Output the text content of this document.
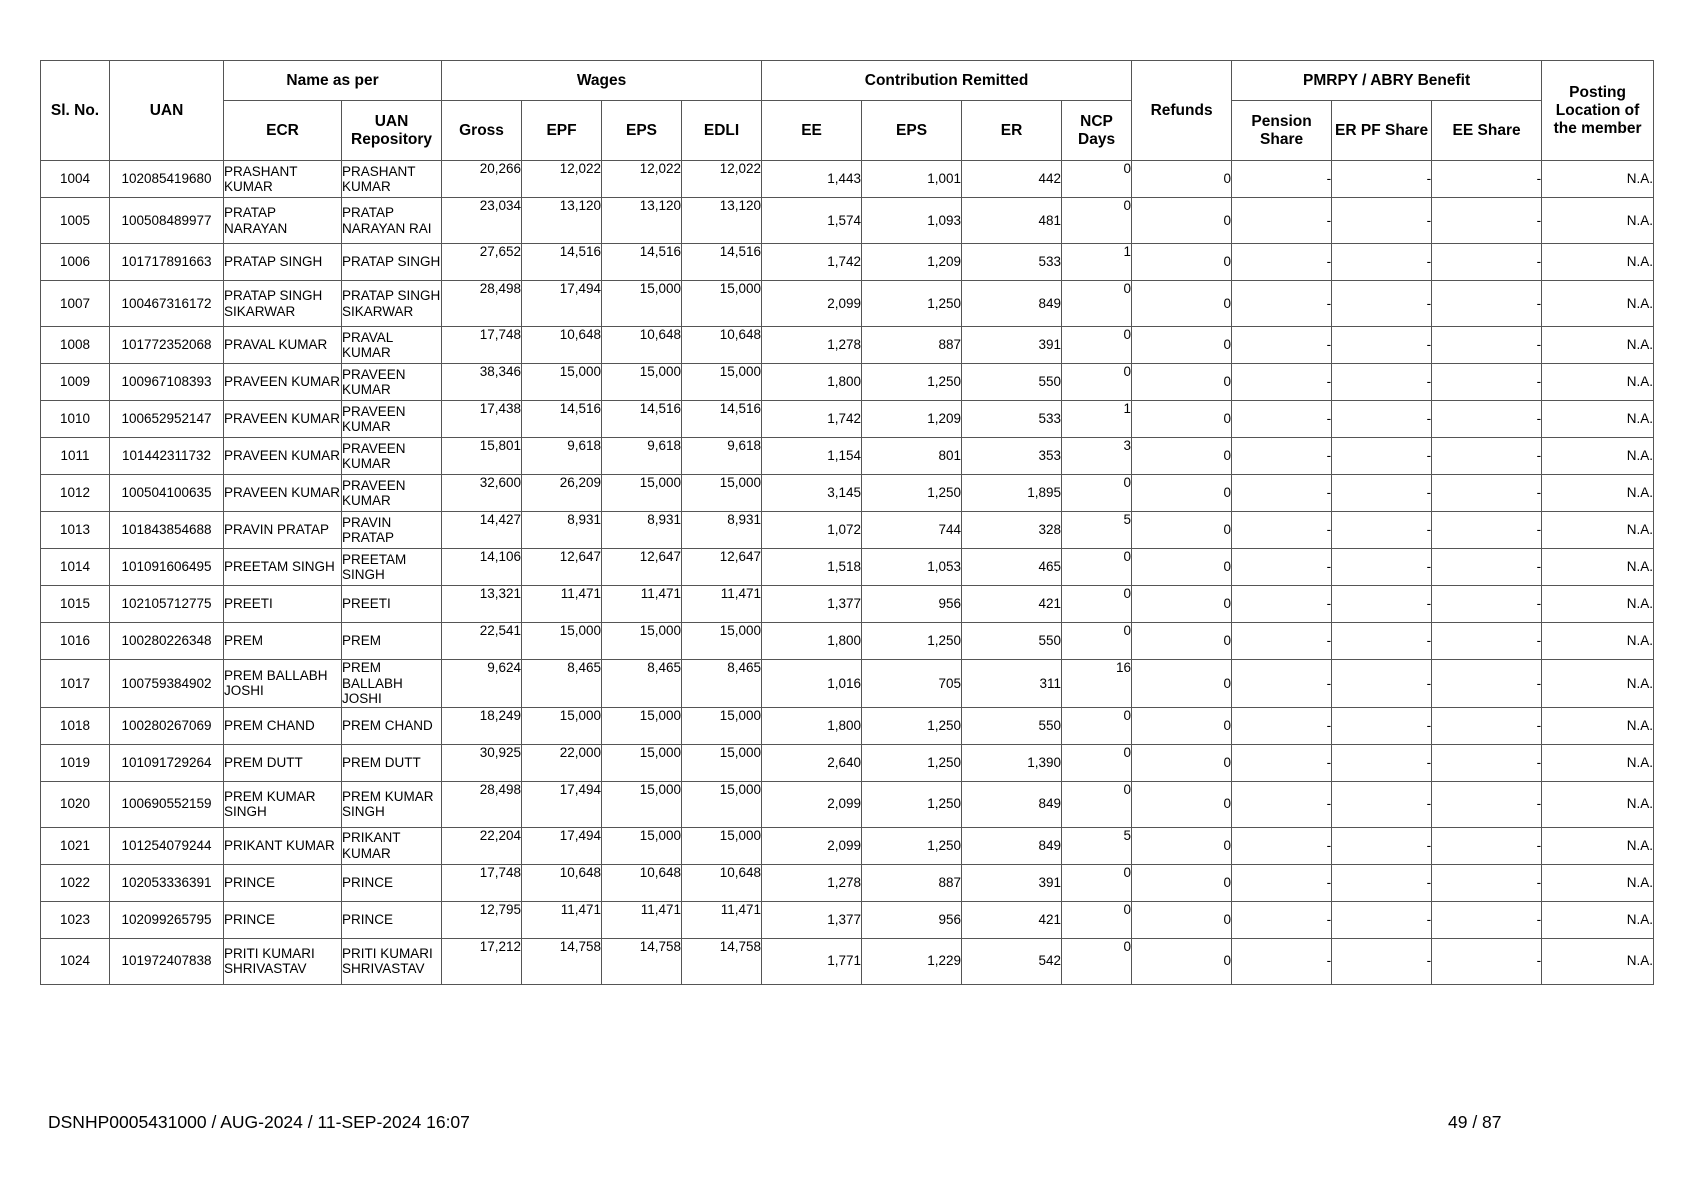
Sl. No.	UAN	Name as per		Wages				Contribution Remitted				Refunds	PMRPY / ABRY Benefit			Posting Location of the member
		ECR	UAN Repository	Gross	EPF	EPS	EDLI	EE	EPS	ER	NCP Days		Pension Share	ER PF Share	EE Share	
1004	102085419680	PRASHANT KUMAR	PRASHANT KUMAR	20,266	12,022	12,022	12,022	1,443	1,001	442	0	0	-	-	-	N.A.
1005	100508489977	PRATAP NARAYAN	PRATAP NARAYAN RAI	23,034	13,120	13,120	13,120	1,574	1,093	481	0	0	-	-	-	N.A.
1006	101717891663	PRATAP SINGH	PRATAP SINGH	27,652	14,516	14,516	14,516	1,742	1,209	533	1	0	-	-	-	N.A.
1007	100467316172	PRATAP SINGH SIKARWAR	PRATAP SINGH SIKARWAR	28,498	17,494	15,000	15,000	2,099	1,250	849	0	0	-	-	-	N.A.
1008	101772352068	PRAVAL KUMAR	PRAVAL KUMAR	17,748	10,648	10,648	10,648	1,278	887	391	0	0	-	-	-	N.A.
1009	100967108393	PRAVEEN KUMAR	PRAVEEN KUMAR	38,346	15,000	15,000	15,000	1,800	1,250	550	0	0	-	-	-	N.A.
1010	100652952147	PRAVEEN KUMAR	PRAVEEN KUMAR	17,438	14,516	14,516	14,516	1,742	1,209	533	1	0	-	-	-	N.A.
1011	101442311732	PRAVEEN KUMAR	PRAVEEN KUMAR	15,801	9,618	9,618	9,618	1,154	801	353	3	0	-	-	-	N.A.
1012	100504100635	PRAVEEN KUMAR	PRAVEEN KUMAR	32,600	26,209	15,000	15,000	3,145	1,250	1,895	0	0	-	-	-	N.A.
1013	101843854688	PRAVIN PRATAP	PRAVIN PRATAP	14,427	8,931	8,931	8,931	1,072	744	328	5	0	-	-	-	N.A.
1014	101091606495	PREETAM SINGH	PREETAM SINGH	14,106	12,647	12,647	12,647	1,518	1,053	465	0	0	-	-	-	N.A.
1015	102105712775	PREETI	PREETI	13,321	11,471	11,471	11,471	1,377	956	421	0	0	-	-	-	N.A.
1016	100280226348	PREM	PREM	22,541	15,000	15,000	15,000	1,800	1,250	550	0	0	-	-	-	N.A.
1017	100759384902	PREM BALLABH JOSHI	PREM BALLABH JOSHI	9,624	8,465	8,465	8,465	1,016	705	311	16	0	-	-	-	N.A.
1018	100280267069	PREM CHAND	PREM CHAND	18,249	15,000	15,000	15,000	1,800	1,250	550	0	0	-	-	-	N.A.
1019	101091729264	PREM DUTT	PREM DUTT	30,925	22,000	15,000	15,000	2,640	1,250	1,390	0	0	-	-	-	N.A.
1020	100690552159	PREM KUMAR SINGH	PREM KUMAR SINGH	28,498	17,494	15,000	15,000	2,099	1,250	849	0	0	-	-	-	N.A.
1021	101254079244	PRIKANT KUMAR	PRIKANT KUMAR	22,204	17,494	15,000	15,000	2,099	1,250	849	5	0	-	-	-	N.A.
1022	102053336391	PRINCE	PRINCE	17,748	10,648	10,648	10,648	1,278	887	391	0	0	-	-	-	N.A.
1023	102099265795	PRINCE	PRINCE	12,795	11,471	11,471	11,471	1,377	956	421	0	0	-	-	-	N.A.
1024	101972407838	PRITI KUMARI SHRIVASTAV	PRITI KUMARI SHRIVASTAV	17,212	14,758	14,758	14,758	1,771	1,229	542	0	0	-	-	-	N.A.
DSNHP0005431000 / AUG-2024 / 11-SEP-2024 16:07	49 / 87
